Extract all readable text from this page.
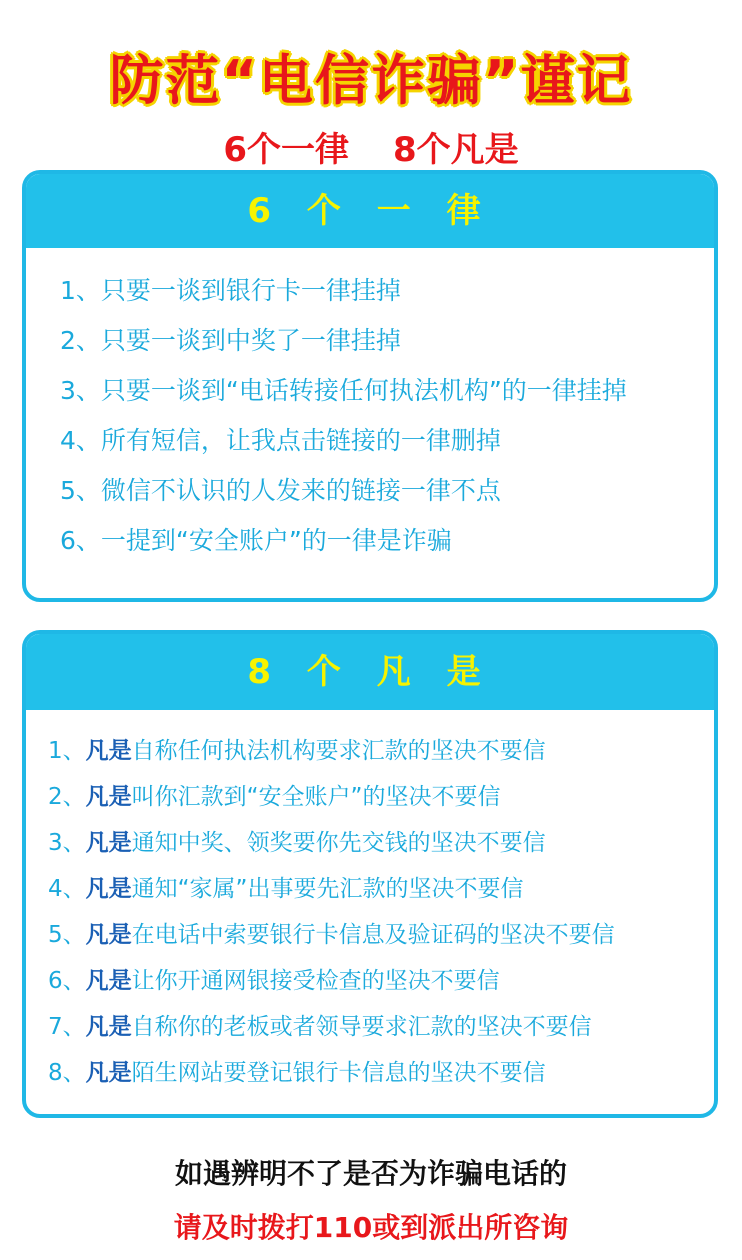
防范“电信诈骗”谨记
6个一律 8个凡是
6 个 一 律
1、只要一谈到银行卡一律挂掉
2、只要一谈到中奖了一律挂掉
3、只要一谈到“电话转接任何执法机构”的一律挂掉
4、所有短信，让我点击链接的一律删掉
5、微信不认识的人发来的链接一律不点
6、一提到“安全账户”的一律是诈骗
8 个 凡 是
1、凡是自称任何执法机构要求汇款的坚决不要信
2、凡是叫你汇款到“安全账户”的坚决不要信
3、凡是通知中奖、领奖要你先交钱的坚决不要信
4、凡是通知“家属”出事要先汇款的坚决不要信
5、凡是在电话中索要银行卡信息及验证码的坚决不要信
6、凡是让你开通网银接受检查的坚决不要信
7、凡是自称你的老板或者领导要求汇款的坚决不要信
8、凡是陌生网站要登记银行卡信息的坚决不要信
如遇辨明不了是否为诈骗电话的
请及时拨打110或到派出所咨询
